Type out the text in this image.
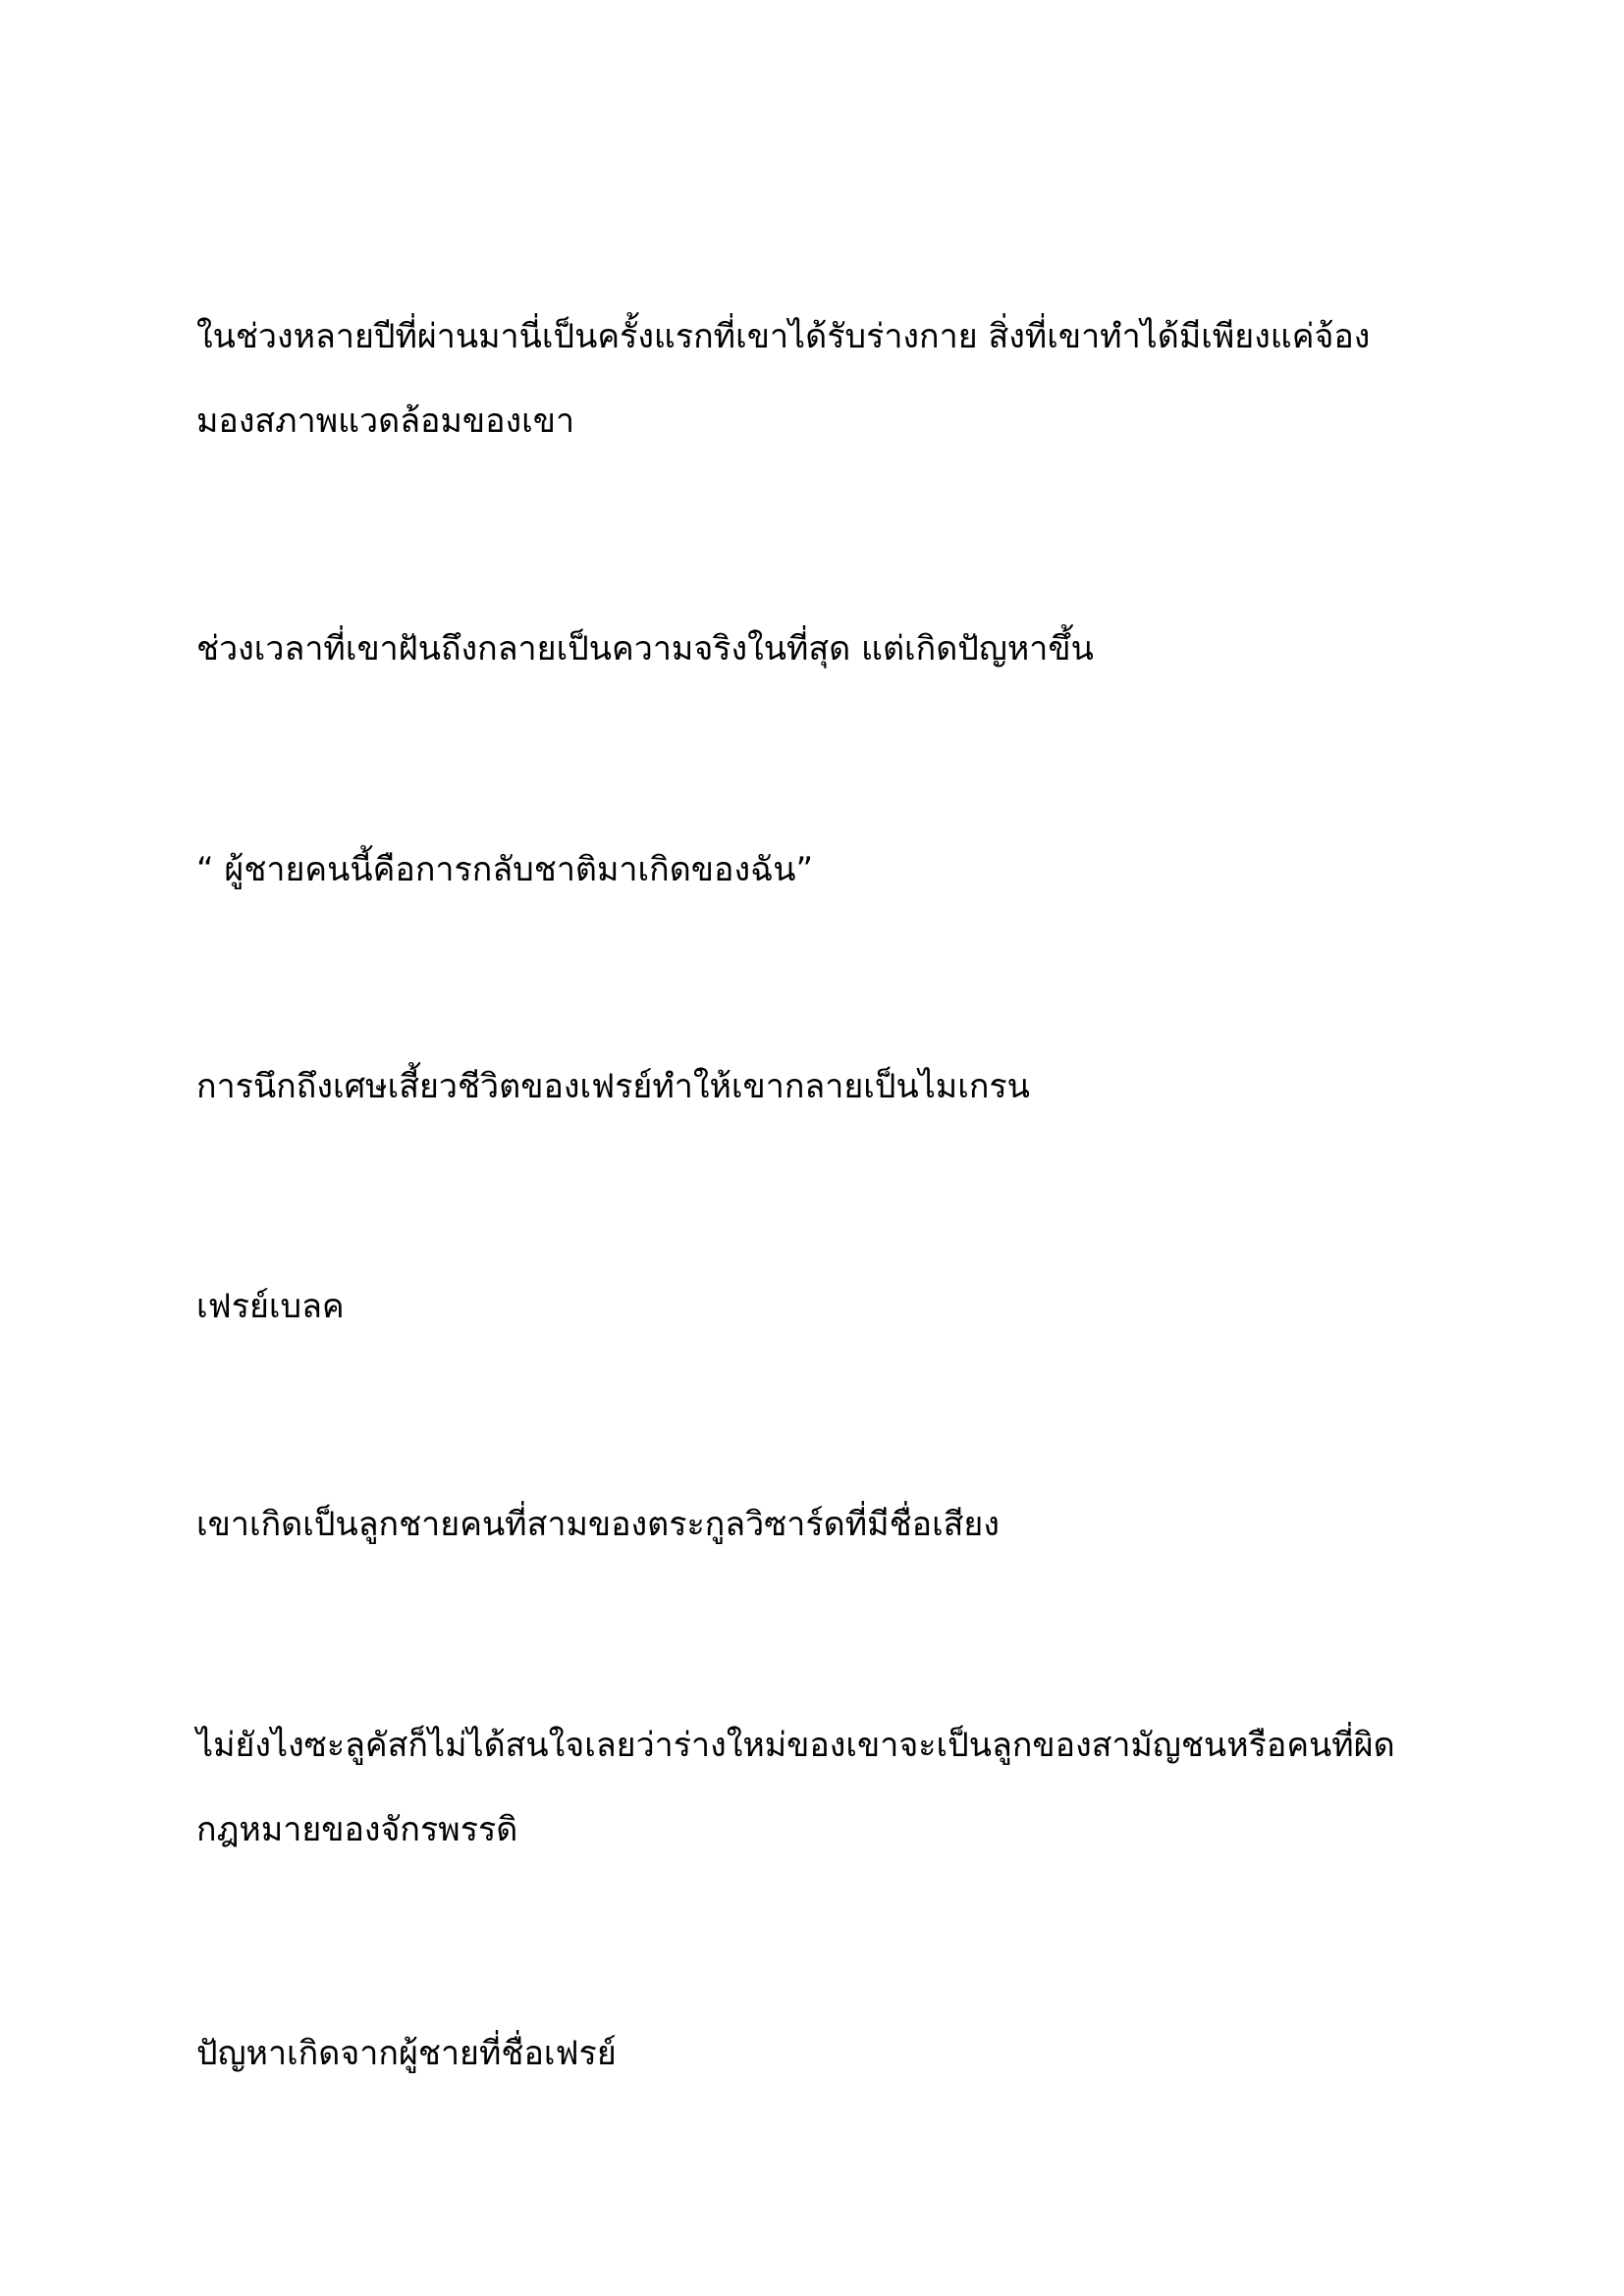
ในช่วงหลายปีที่ผ่านมานี่เป็นครั้งแรกที่เขาได้รับร่างกาย สิ่งที่เขาทำได้มีเพียงแค่จ้อง
มองสภาพแวดล้อมของเขา

ช่วงเวลาที่เขาฝันถึงกลายเป็นความจริงในที่สุด แต่เกิดปัญหาขึ้น

“ ผู้ชายคนนี้คือการกลับชาติมาเกิดของฉัน”

การนึกถึงเศษเสี้ยวชีวิตของเฟรย์ทำให้เขากลายเป็นไมเกรน

เฟรย์เบลค

เขาเกิดเป็นลูกชายคนที่สามของตระกูลวิซาร์ดที่มีชื่อเสียง

ไม่ยังไงซะลูคัสก็ไม่ได้สนใจเลยว่าร่างใหม่ของเขาจะเป็นลูกของสามัญชนหรือคนที่ผิด
กฎหมายของจักรพรรดิ

ปัญหาเกิดจากผู้ชายที่ชื่อเฟรย์
